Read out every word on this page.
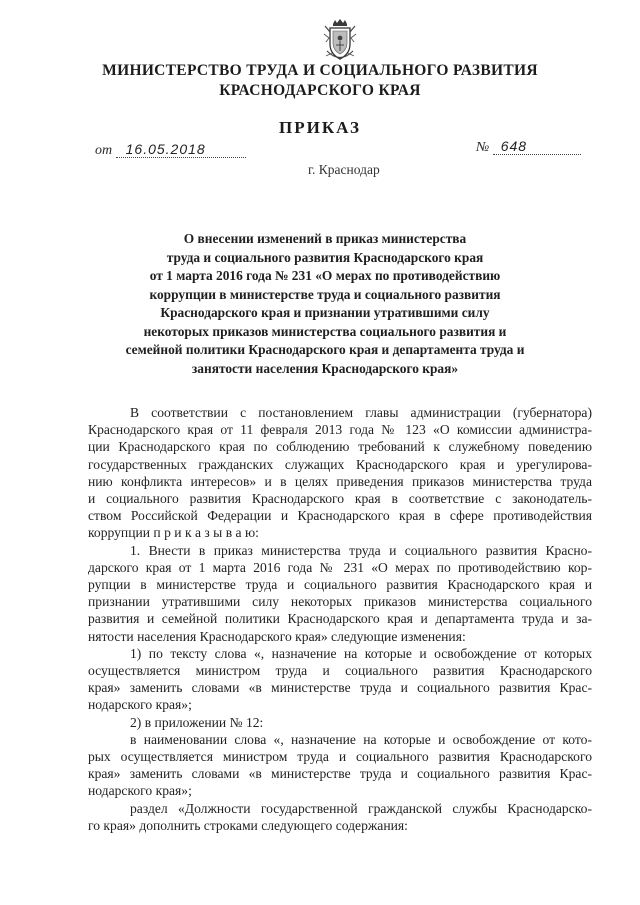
МИНИСТЕРСТВО ТРУДА И СОЦИАЛЬНОГО РАЗВИТИЯ
КРАСНОДАРСКОГО КРАЯ
ПРИКАЗ
от 16.05.2018	№ 648
г. Краснодар
О внесении изменений в приказ министерства
труда и социального развития Краснодарского края
от 1 марта 2016 года № 231 «О мерах по противодействию
коррупции в министерстве труда и социального развития
Краснодарского края и признании утратившими силу
некоторых приказов министерства социального развития и
семейной политики Краснодарского края и департамента труда и
занятости населения Краснодарского края»
В соответствии с постановлением главы администрации (губернатора)
Краснодарского края от 11 февраля 2013 года № 123 «О комиссии администра-
ции Краснодарского края по соблюдению требований к служебному поведению
государственных гражданских служащих Краснодарского края и урегулирова-
нию конфликта интересов» и в целях приведения приказов министерства труда
и социального развития Краснодарского края в соответствие с законодатель-
ством Российской Федерации и Краснодарского края в сфере противодействия
коррупции п р и к а з ы в а ю:
1. Внести в приказ министерства труда и социального развития Красно-
дарского края от 1 марта 2016 года № 231 «О мерах по противодействию кор-
рупции в министерстве труда и социального развития Краснодарского края и
признании утратившими силу некоторых приказов министерства социального
развития и семейной политики Краснодарского края и департамента труда и за-
нятости населения Краснодарского края» следующие изменения:
1) по тексту слова «, назначение на которые и освобождение от которых
осуществляется министром труда и социального развития Краснодарского
края» заменить словами «в министерстве труда и социального развития Крас-
нодарского края»;
2) в приложении № 12:
в наименовании слова «, назначение на которые и освобождение от кото-
рых осуществляется министром труда и социального развития Краснодарского
края» заменить словами «в министерстве труда и социального развития Крас-
нодарского края»;
раздел «Должности государственной гражданской службы Краснодарско-
го края» дополнить строками следующего содержания:
